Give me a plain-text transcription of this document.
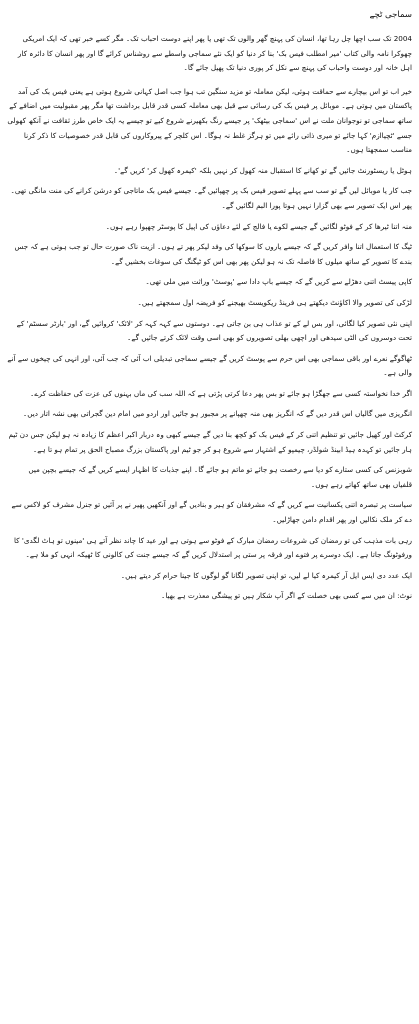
سماجی ٹچے

2004 تک سب اچھا چل رہا تھا، انسان کی پہنچ گھر والوں تک تھی یا پھر اپنے دوست احباب تک۔ مگر کسے خبر تھی کہ ایک امریکی چھوکرا نامہ والی کتاب 'میر امطلب فیس بک' بنا کر دنیا کو ایک نئے سماجی واسطے سے روشناس کرائے گا اور پھر انسان کا دائرہ کار اہل خانہ اور دوست واحباب کی پہنچ سے نکل کر پوری دنیا تک پھیل جائے گا۔

خیر اب تو اس بیچارے سے حماقت ہوئی، لیکن معاملہ تو مزید سنگین تب ہوا جب اصل کہانی شروع ہوتی ہے یعنی فیس بک کی آمد پاکستان میں ہوتی ہے۔ موبائل پر فیس بک کی رسائی سے قبل بھی معاملہ کسی قدر قابل برداشت تھا مگر پھر مقبولیت میں اضافے کے ساتھ سماجی تو نوجوانان ملت نے اس 'سماجی بیٹھک' پر جیسے رنگ بکھیرنے شروع کیے تو جیسے یہ ایک خاص طرز ثقافت نے آنکھ کھولی جسے 'ٹچیاازم' کہا جائے تو میری ذاتی رائے میں تو ہرگز غلط نہ ہوگا۔ اس کلچر کے پیروکاروں کی قابل قدر خصوصیات کا ذکر کرنا مناسب سمجھتا ہوں۔

ہوٹل یا ریسٹورنٹ جائیں گے تو کھانے کا استقبال منہ کھول کر نہیں بلکہ 'کیمرہ کھول کر' کریں گے'۔

جب کار یا موبائل لیں گے تو سب سے پہلے تصویر فیس بک پر چھپائیں گے۔ جیسے فیس بک ماتاجی کو درشن کرانے کی منت مانگی تھی۔ پھر اس ایک تصویر سے بھی گزارا نہیں ہوتا پورا البم لگائیں گے۔

منہ اتنا ٹیرھا کر کے فوٹو لگائیں گے جیسے لکوے یا فالج کے لئے دعاؤں کی اپیل کا پوسٹر چھپوا رہے ہوں۔

ٹیگ کا استعمال اتنا وافر کریں گے کہ جیسے یاروں کا سوکھا کی وفد لیکر پھر تے ہوں۔ ازیت ناک صورت حال تو جب ہوتی ہے کہ جس بندے کا تصویر کے ساتھ میلوں کا فاصلہ تک نہ ہو لیکن پھر بھی اس کو ٹیگنگ کی سوغات بخشیں گے۔

کاپی پیسٹ اتنی دھڑلے سے کریں گے کہ جیسے باپ دادا سے 'پوسٹ' وراثت میں ملی تھی۔

لڑکی کی تصویر والا اکاؤنٹ دیکھتے ہی فرینڈ ریکویسٹ بھیجنے کو فریضہ اول سمجھتے ہیں۔

اپنی نئی تصویر کیا لگائی، اور بس لے کے تو عذاب ہی بن جاتی ہے۔ دوستوں سے کہہ کہہ کر 'لائک' کروائیں گے، اور 'بارٹر سسٹم' کے تحت دوسروں کی الٹی سیدھی اور اچھی بھلی تصویروں کو بھی اسی وقت لائک کرتے جائیں گے۔

ٹھاگوگے نعرے اور باقی سماجی بھی اس حرم سے پوسٹ کریں گے جیسے سماجی تبدیلی اب آئی کہ جب آئی، اور انہی کی چیخوں سے آنے والی ہے۔

اگر خدا نخواستہ کسی سے جھگڑا ہو جائے تو بس پھر دعا کرتی پڑتی ہے کہ اللہ سب کی ماں بہنوں کی عزت کی حفاظت کرے۔

انگریزی میں گالیاں اس قدر دیں گے کہ انگریز بھی منہ چھپانے پر مجبور ہو جائیں اور اردو میں امام دین گجراتی بھی نشہ اتار دیں۔

کرکٹ اور کھیل جائیں تو تنظیم اتنی کر کے فیس بک کو کچھ بنا دیں گے جیسے کبھی وہ دربار اکبر اعظم کا زیادہ نہ ہو لیکن جس دن ٹیم ہار جائیں تو کہدہ ہیڈ ابینڈ شولڈر، چیمپو کے اشتہار سے شروع ہو کر جو ٹیم اور پاکستان بزرگ مصباح الحق پر تمام ہو تا ہے۔

شوبزنس کی کسی ستارے کو دیا سے رخصت ہو جائے تو ماتم ہو جائے گا۔ اپنے جذبات کا اظہار ایسے کریں گے کہ جیسے بچپن میں قلفیاں بھی ساتھ کھاتے رہے ہوں۔

سیاست پر تبصرہ اتنی یکسانیت سے کریں گے کہ مشرفقان کو ہیر و بنادیں گے اور آنکھیں پھیر نے پر آئیں تو جنرل مشرف کو لاکس سے دے کر ملک نکالیں اور پھر اقدام دامن جھاڑلیں۔

رہی بات مذہب کی تو رمضان کی شروعات رمضان مبارک کے فوٹو سے ہوتی ہے اور عید کا چاند نظر آتے ہی 'مینوں تو ہاٹ لگدی' کا ورفوٹونگ جاتا ہے۔ ایک دوسرے پر فتوے اور فرقہ پر ستی پر استدلال کریں گے کہ جیسے جنت کی کالونی کا ٹھیکہ انہی کو ملا ہے۔

ایک عدد دی ایس ایل آر کیمرہ کیا لے لیں، تو اپنی تصویر لگانا گو لوگوں کا جینا حرام کر دیتے ہیں۔

نوٹ: ان میں سے کسی بھی خصلت کے اگر آپ شکار ہیں تو پیشگی معذرت ہے بھیا۔
